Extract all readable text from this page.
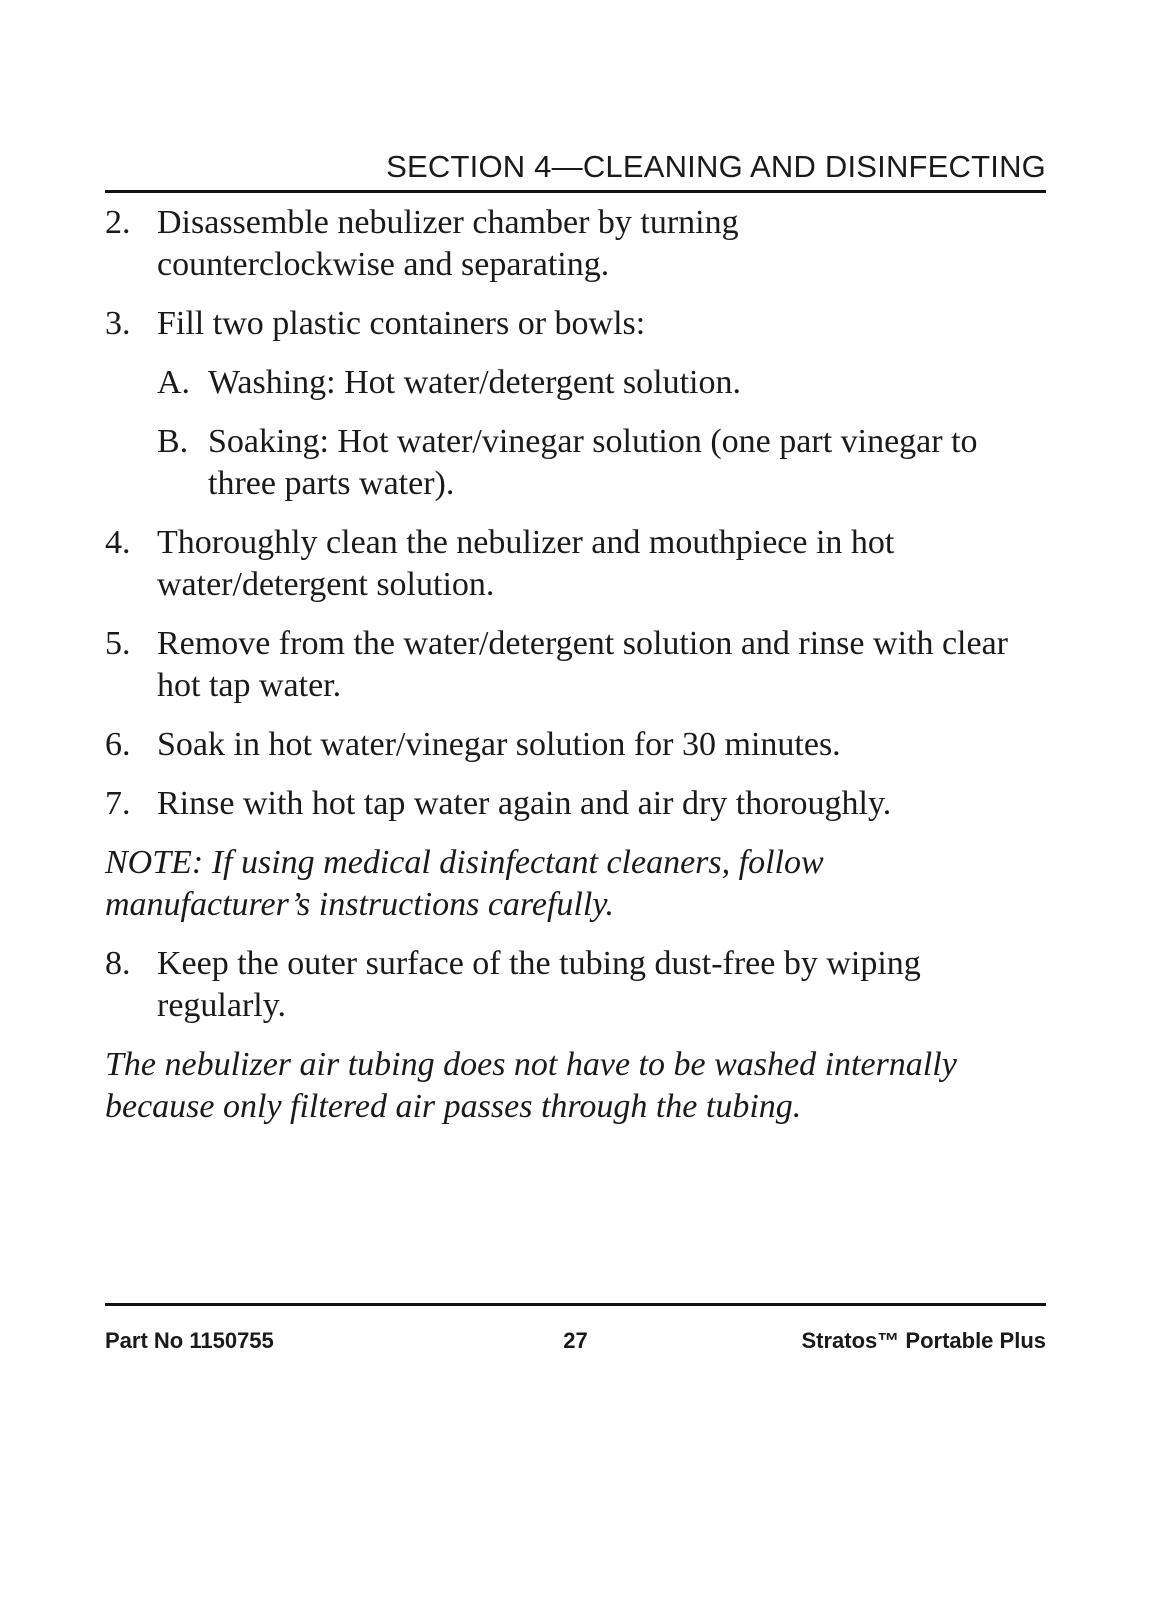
SECTION 4—CLEANING AND DISINFECTING
2. Disassemble nebulizer chamber by turning counterclockwise and separating.
3. Fill two plastic containers or bowls:
A. Washing: Hot water/detergent solution.
B. Soaking: Hot water/vinegar solution (one part vinegar to three parts water).
4. Thoroughly clean the nebulizer and mouthpiece in hot water/detergent solution.
5. Remove from the water/detergent solution and rinse with clear hot tap water.
6. Soak in hot water/vinegar solution for 30 minutes.
7. Rinse with hot tap water again and air dry thoroughly.
NOTE: If using medical disinfectant cleaners, follow manufacturer’s instructions carefully.
8. Keep the outer surface of the tubing dust-free by wiping regularly.
The nebulizer air tubing does not have to be washed internally because only filtered air passes through the tubing.
Part No 1150755	27	Stratos™ Portable Plus
